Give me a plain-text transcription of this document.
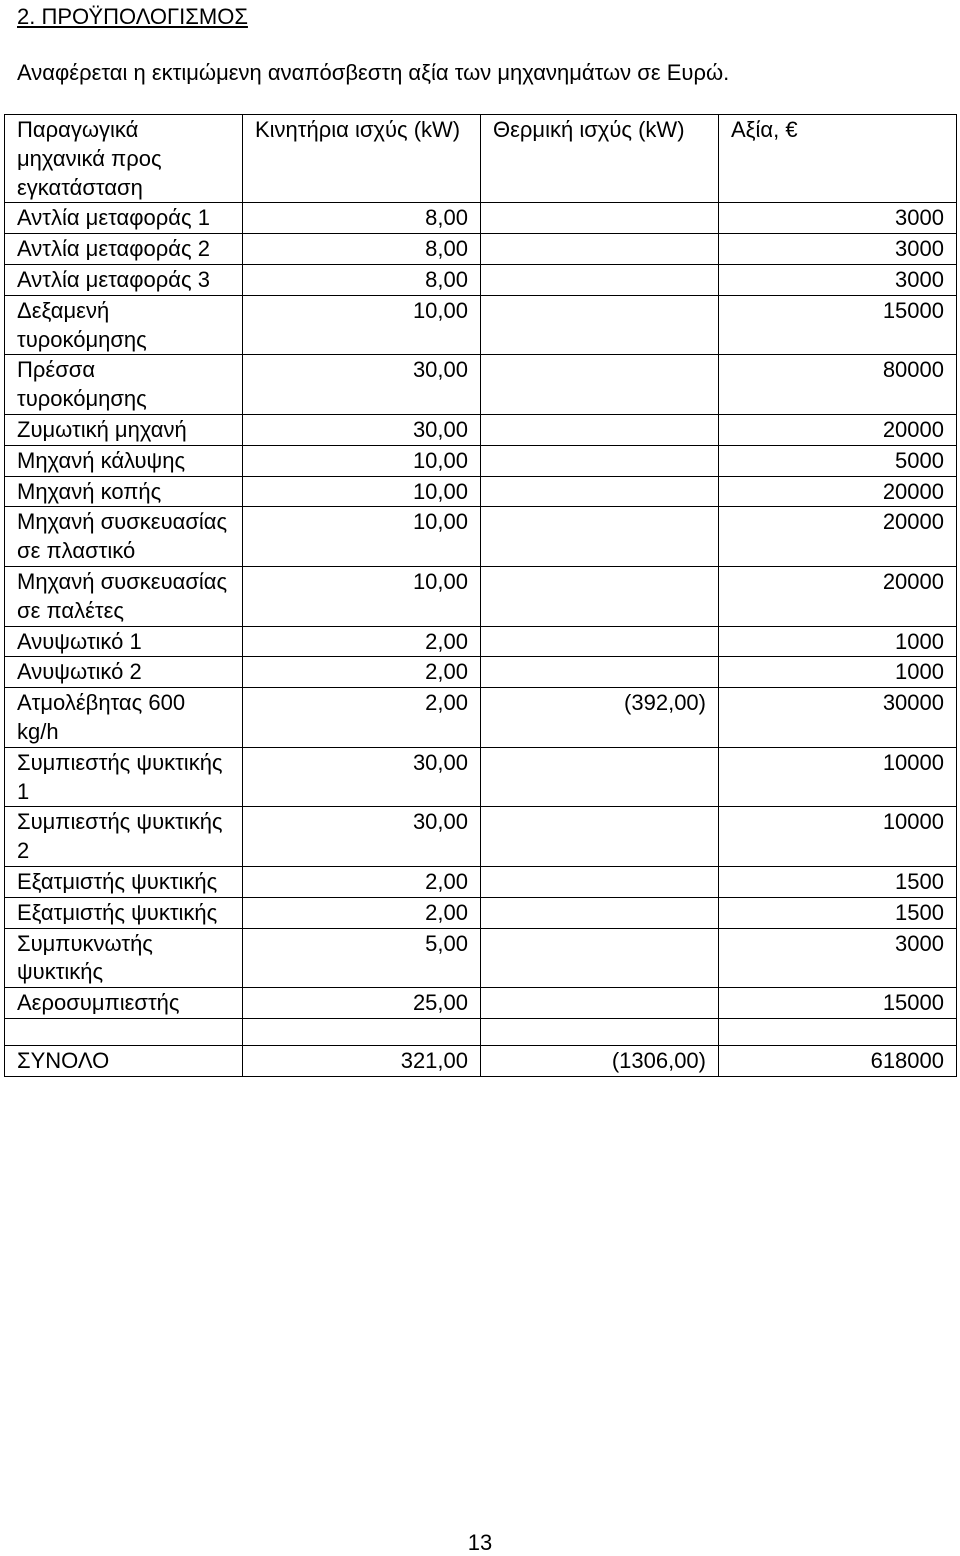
2. ΠΡΟΫΠΟΛΟΓΙΣΜΟΣ

Αναφέρεται η εκτιμώμενη αναπόσβεστη αξία των μηχανημάτων σε Ευρώ.

Παραγωγικά μηχανικά προς εγκατάσταση	Κινητήρια ισχύς (kW)	Θερμική ισχύς (kW)	Αξία, €
Αντλία μεταφοράς 1	8,00		3000
Αντλία μεταφοράς 2	8,00		3000
Αντλία μεταφοράς 3	8,00		3000
Δεξαμενή τυροκόμησης	10,00		15000
Πρέσσα τυροκόμησης	30,00		80000
Ζυμωτική μηχανή	30,00		20000
Μηχανή κάλυψης	10,00		5000
Μηχανή κοπής	10,00		20000
Μηχανή συσκευασίας σε πλαστικό	10,00		20000
Μηχανή συσκευασίας σε παλέτες	10,00		20000
Ανυψωτικό 1	2,00		1000
Ανυψωτικό 2	2,00		1000
Ατμολέβητας 600 kg/h	2,00	(392,00)	30000
Συμπιεστής ψυκτικής 1	30,00		10000
Συμπιεστής ψυκτικής 2	30,00		10000
Εξατμιστής ψυκτικής	2,00		1500
Εξατμιστής ψυκτικής	2,00		1500
Συμπυκνωτής ψυκτικής	5,00		3000
Αεροσυμπιεστής	25,00		15000

ΣΥΝΟΛΟ	321,00	(1306,00)	618000
13
